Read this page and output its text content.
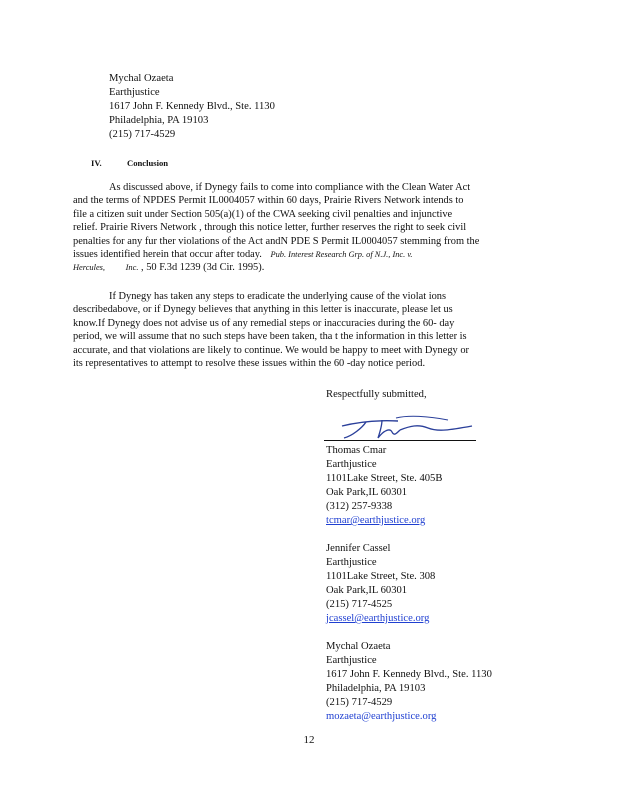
Mychal Ozaeta
Earthjustice
1617 John F. Kennedy Blvd., Ste. 1130
Philadelphia, PA 19103
(215) 717-4529
IV.	Conclusion
As discussed above, if Dynegy fails to come into compliance with the Clean Water Act
and the terms of NPDES Permit IL0004057 within 60 days, Prairie Rivers Network intends to
file a citizen suit under Section 505(a)(1) of the CWA seeking civil penalties and injunctive
relief. Prairie Rivers Network , through this notice letter, further reserves the right to seek civil
penalties for any fur ther violations of the Act andN PDE S Permit IL0004057 stemming from the
issues identified herein that occur after today. Pub. Interest Research Grp. of N.J., Inc. v.
Hercules, Inc. , 50 F.3d 1239 (3d Cir. 1995).
If Dynegy has taken any steps to eradicate the underlying cause of the violat ions
describedabove, or if Dynegy believes that anything in this letter is inaccurate, please let us
know.If Dynegy does not advise us of any remedial steps or inaccuracies during the 60- day
period, we will assume that no such steps have been taken, tha t the information in this letter is
accurate, and that violations are likely to continue. We would be happy to meet with Dynegy or
its representatives to attempt to resolve these issues within the 60 -day notice period.
Respectfully submitted,
Thomas Cmar
Earthjustice
1101Lake Street, Ste. 405B
Oak Park,IL 60301
(312) 257-9338
tcmar@earthjustice.org
Jennifer Cassel
Earthjustice
1101Lake Street, Ste. 308
Oak Park,IL 60301
(215) 717-4525
jcassel@earthjustice.org
Mychal Ozaeta
Earthjustice
1617 John F. Kennedy Blvd., Ste. 1130
Philadelphia, PA 19103
(215) 717-4529
mozaeta@earthjustice.org
12
